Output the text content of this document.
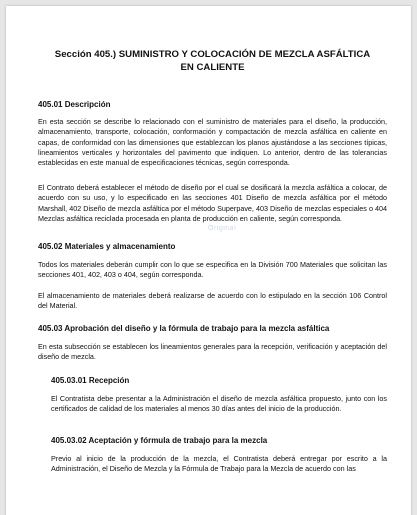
Sección 405.) SUMINISTRO Y COLOCACIÓN DE MEZCLA ASFÁLTICA EN CALIENTE
405.01 Descripción
En esta sección se describe lo relacionado con el suministro de materiales para el diseño, la producción, almacenamiento, transporte, colocación, conformación y compactación de mezcla asfáltica en caliente en capas, de conformidad con las dimensiones que establezcan los planos ajustándose a las secciones típicas, lineamientos verticales y horizontales del pavimento que indiquen. Lo anterior, dentro de las tolerancias establecidas en este manual de especificaciones técnicas, según corresponda.
El Contrato deberá establecer el método de diseño por el cual se dosificará la mezcla asfáltica a colocar, de acuerdo con su uso, y lo especificado en las secciones 401 Diseño de mezcla asfáltica por el método Marshall, 402 Diseño de mezcla asfáltica por el método Superpave, 403 Diseño de mezclas especiales o 404 Mezclas asfáltica reciclada procesada en planta de producción en caliente, según corresponda.
Original
405.02 Materiales y almacenamiento
Todos los materiales deberán cumplir con lo que se especifica en la División 700 Materiales que solicitan las secciones 401, 402, 403 o 404, según corresponda.
El almacenamiento de materiales deberá realizarse de acuerdo con lo estipulado en la sección 106 Control del Material.
405.03 Aprobación del diseño y la fórmula de trabajo para la mezcla asfáltica
En esta subsección se establecen los lineamientos generales para la recepción, verificación y aceptación del diseño de mezcla.
405.03.01 Recepción
El Contratista debe presentar a la Administración el diseño de mezcla asfáltica propuesto, junto con los certificados de calidad de los materiales al menos 30 días antes del inicio de la producción.
405.03.02 Aceptación y fórmula de trabajo para la mezcla
Previo al inicio de la producción de la mezcla, el Contratista deberá entregar por escrito a la Administración, el Diseño de Mezcla y la Fórmula de Trabajo para la Mezcla de acuerdo con las
